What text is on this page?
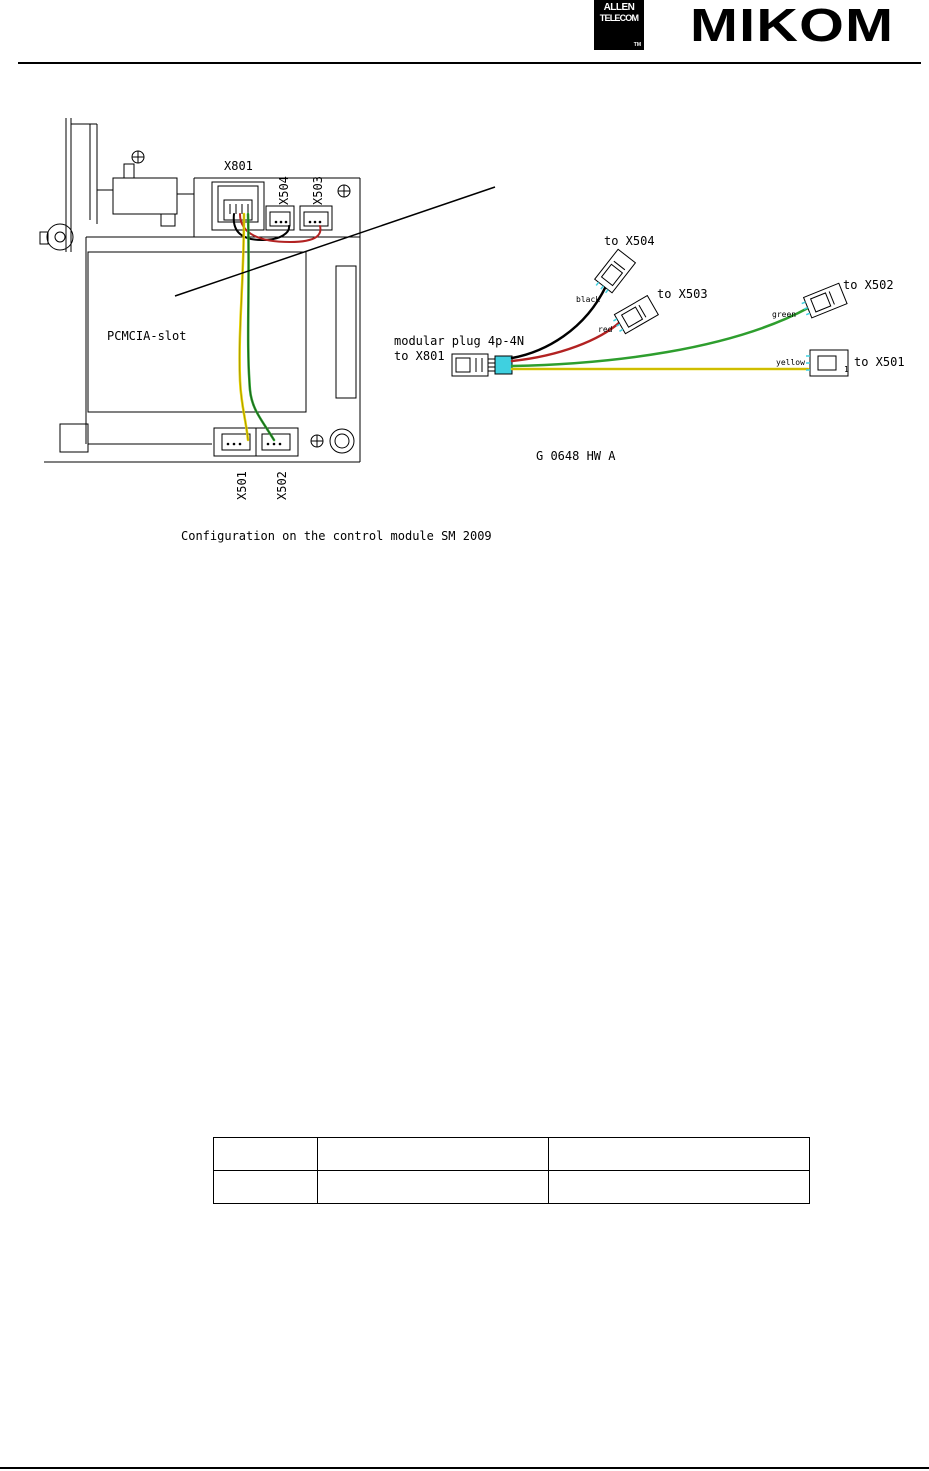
ALLEN
TELECOM
TM MIKOM
X801
PCMCIA-slot
X504 X503
X501 X502
modular plug 4p-4N
to X801
to X504
to X503
to X502
to X501
G 0648 HW A
black
red
green
yellow
1
Configuration on the control module SM 2009
